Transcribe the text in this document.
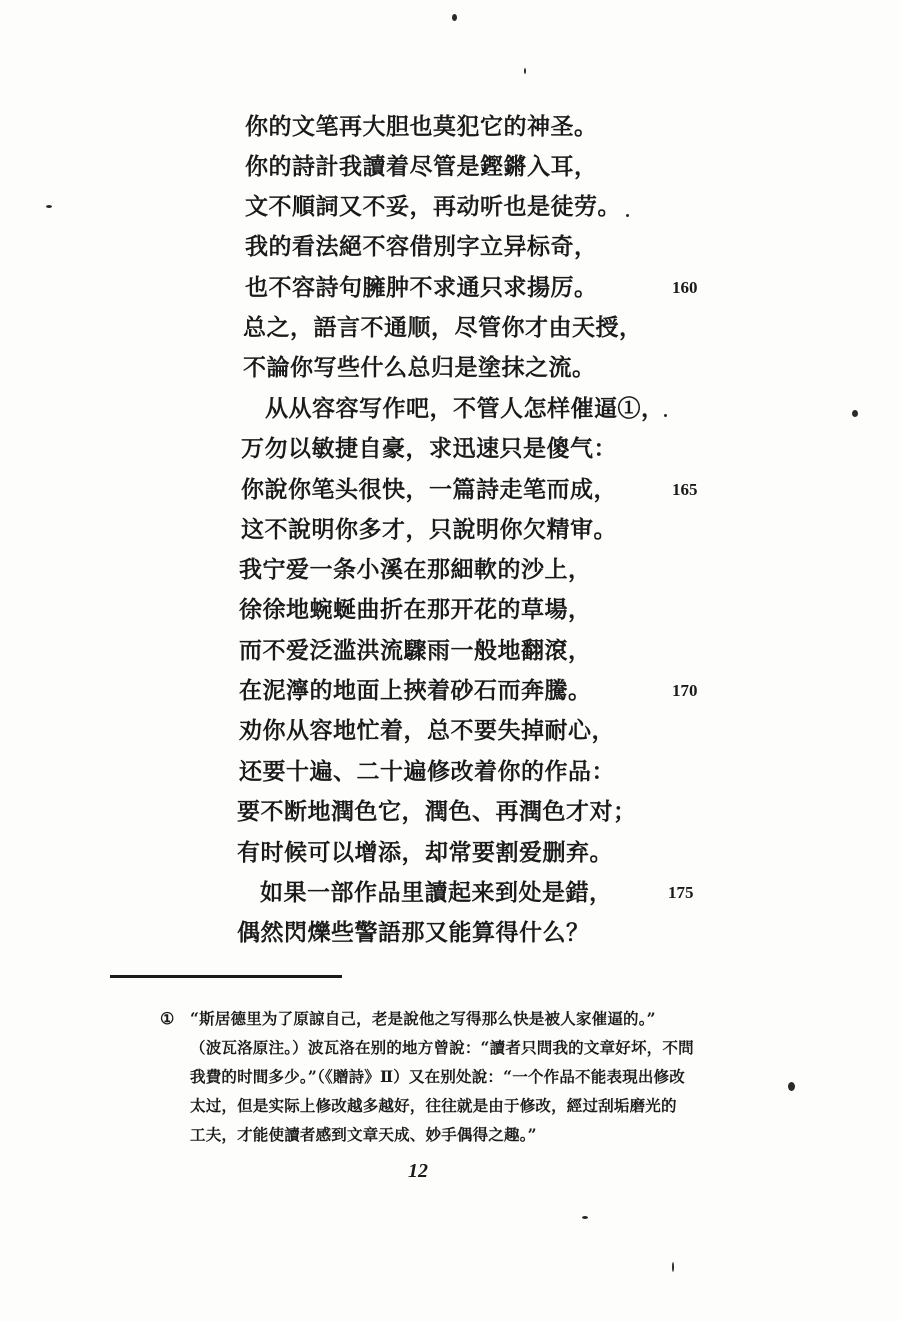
你的文笔再大胆也莫犯它的神圣。
你的詩計我讀着尽管是鏗鏘入耳，
文不順詞又不妥，再动听也是徒劳。
我的看法絕不容借別字立异标奇，
也不容詩句臃肿不求通只求揚厉。
总之，語言不通顺，尽管你才由天授，
不論你写些什么总归是塗抹之流。
从从容容写作吧，不管人怎样催逼①，
万勿以敏捷自豪，求迅速只是傻气：
你說你笔头很快，一篇詩走笔而成，
这不說明你多才，只說明你欠精审。
我宁爱一条小溪在那細軟的沙上，
徐徐地蜿蜒曲折在那开花的草場，
而不爱泛滥洪流驟雨一般地翻滾，
在泥濘的地面上挾着砂石而奔騰。
劝你从容地忙着，总不要失掉耐心，
还要十遍、二十遍修改着你的作品：
要不断地潤色它，潤色、再潤色才对；
有时候可以增添，却常要割爱删弃。
如果一部作品里讀起来到处是錯，
偶然閃爍些警語那又能算得什么？
160
165
170
175
① “斯居德里为了原諒自己，老是說他之写得那么快是被人家催逼的。”
（波瓦洛原注。）波瓦洛在别的地方曾說：“讀者只問我的文章好坏，不問
我費的时間多少。”（《贈詩》Ⅱ）又在别处說：“一个作品不能表現出修改
太过，但是实际上修改越多越好，往往就是由于修改，經过刮垢磨光的
工夫，才能使讀者感到文章天成、妙手偶得之趣。”
12
